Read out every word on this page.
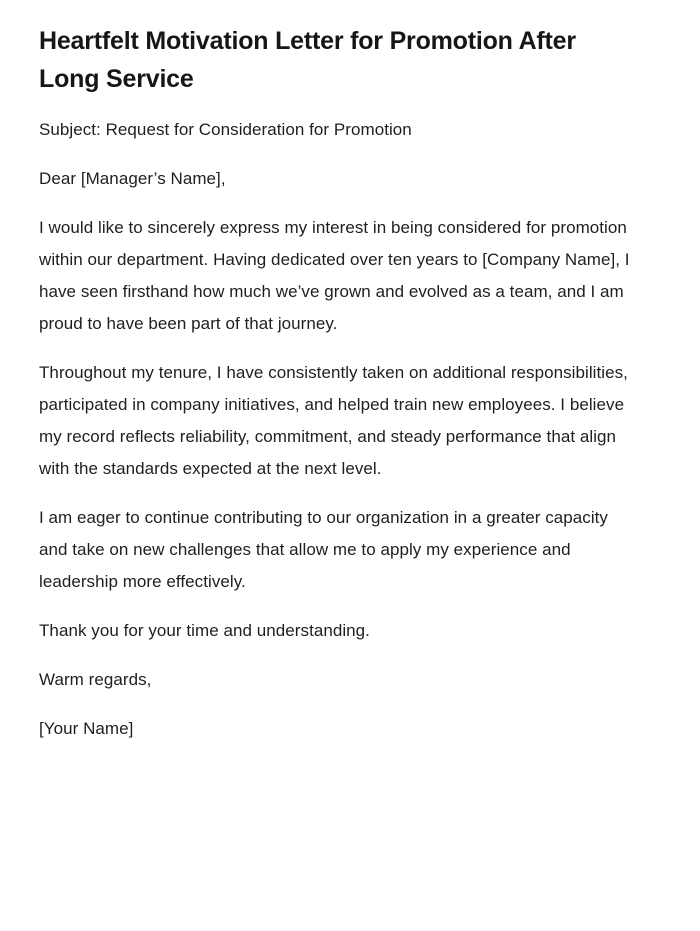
Heartfelt Motivation Letter for Promotion After Long Service

Subject: Request for Consideration for Promotion

Dear [Manager’s Name],

I would like to sincerely express my interest in being considered for promotion within our department. Having dedicated over ten years to [Company Name], I have seen firsthand how much we’ve grown and evolved as a team, and I am proud to have been part of that journey.

Throughout my tenure, I have consistently taken on additional responsibilities, participated in company initiatives, and helped train new employees. I believe my record reflects reliability, commitment, and steady performance that align with the standards expected at the next level.

I am eager to continue contributing to our organization in a greater capacity and take on new challenges that allow me to apply my experience and leadership more effectively.

Thank you for your time and understanding.

Warm regards,

[Your Name]
